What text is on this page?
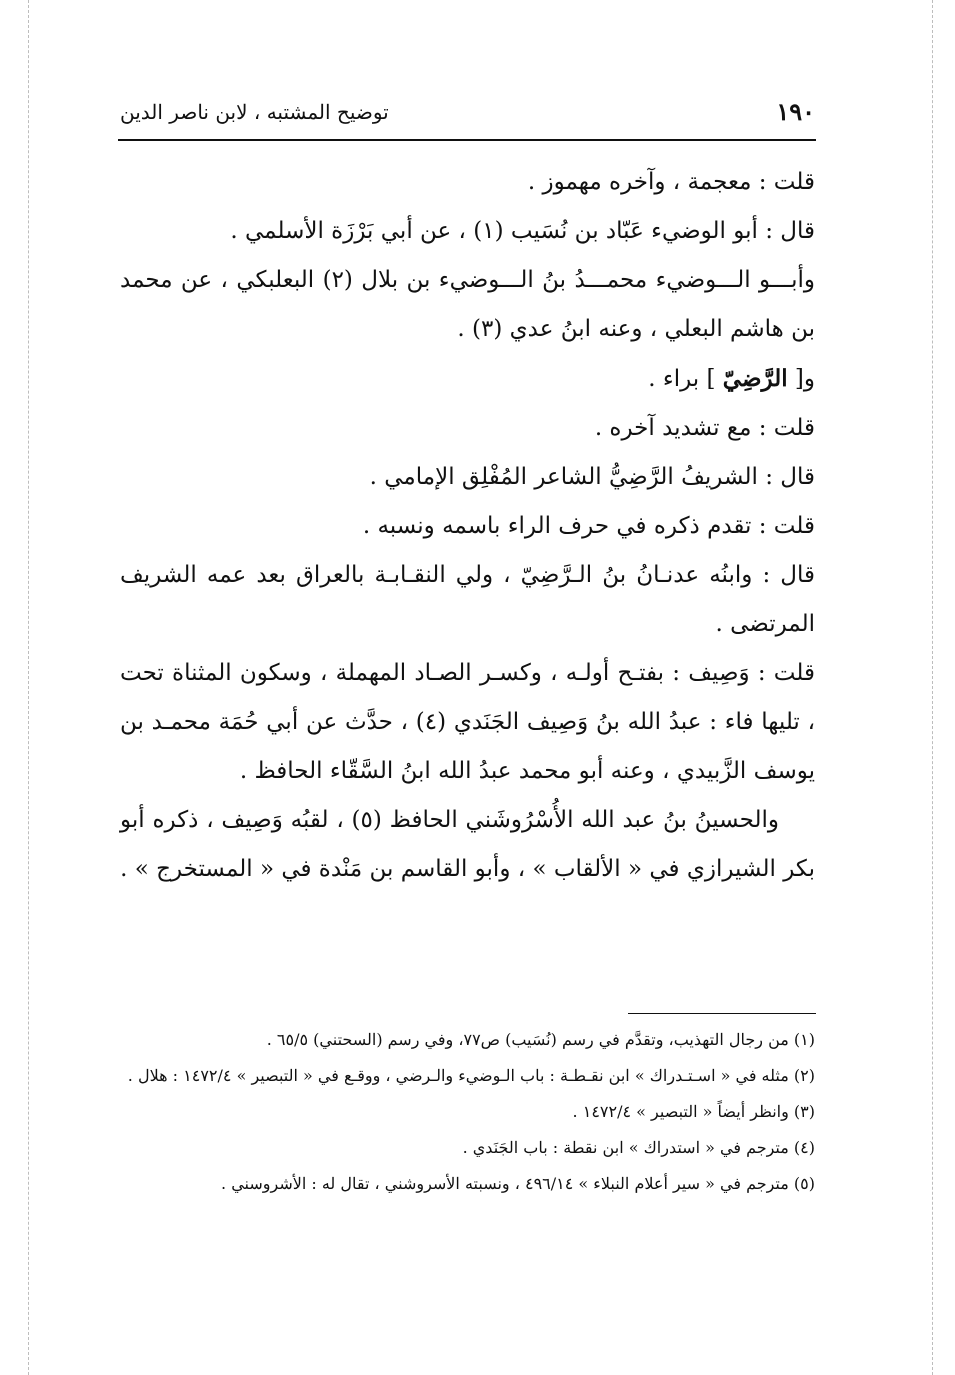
١٩٠
توضيح المشتبه ، لابن ناصر الدين

قلت : معجمة ، وآخره مهموز .

قال : أبو الوضيء عَبّاد بن نُسَيب (١) ، عن أبي بَرْزَة الأسلمي .

وأبـــو الـــوضيء محمـــدُ بنُ الـــوضيء بن بلال (٢) البعلبكي ، عن محمد بن هاشم البعلي ، وعنه ابنُ عدي (٣) .

و[ الرَّضِيّ ] براء .

قلت : مع تشديد آخره .

قال : الشريفُ الرَّضِيُّ الشاعر المُفْلِق الإمامي .

قلت : تقدم ذكره في حرف الراء باسمه ونسبه .

قال : وابنُه عدنـانُ بنُ الـرَّضِيّ ، ولي النقـابـة بالعراق بعد عمه الشريف المرتضى .

قلت : وَصِيف : بفتـح أولـه ، وكسـر الصـاد المهملة ، وسكون المثناة تحت ، تليها فاء : عبدُ الله بنُ وَصِيف الجَنَدي (٤) ، حدَّث عن أبي حُمَة محمـد بن يوسف الزَّبيدي ، وعنه أبو محمد عبدُ الله ابنُ السَّقّاء الحافظ .

والحسينُ بنُ عبد الله الأُسْرُوشَني الحافظ (٥) ، لقبُه وَصِيف ، ذكره أبو بكر الشيرازي في « الألقاب » ، وأبو القاسم بن مَنْدة في « المستخرج » .

(١) من رجال التهذيب، وتقدَّم في رسم (نُسَيب) ص٧٧، وفي رسم (السحتني) ٦٥/٥ .

(٢) مثله في « اسـتـدراك » ابن نقـطـة : باب الـوضيء والـرضي ، ووقـع في « التبصير » ١٤٧٢/٤ : هلال .

(٣) وانظر أيضاً « التبصير » ١٤٧٢/٤ .

(٤) مترجم في « استدراك » ابن نقطة : باب الجَنَدي .

(٥) مترجم في « سير أعلام النبلاء » ٤٩٦/١٤ ، ونسبته الأسروشني ، تقال له : الأشروسني .
